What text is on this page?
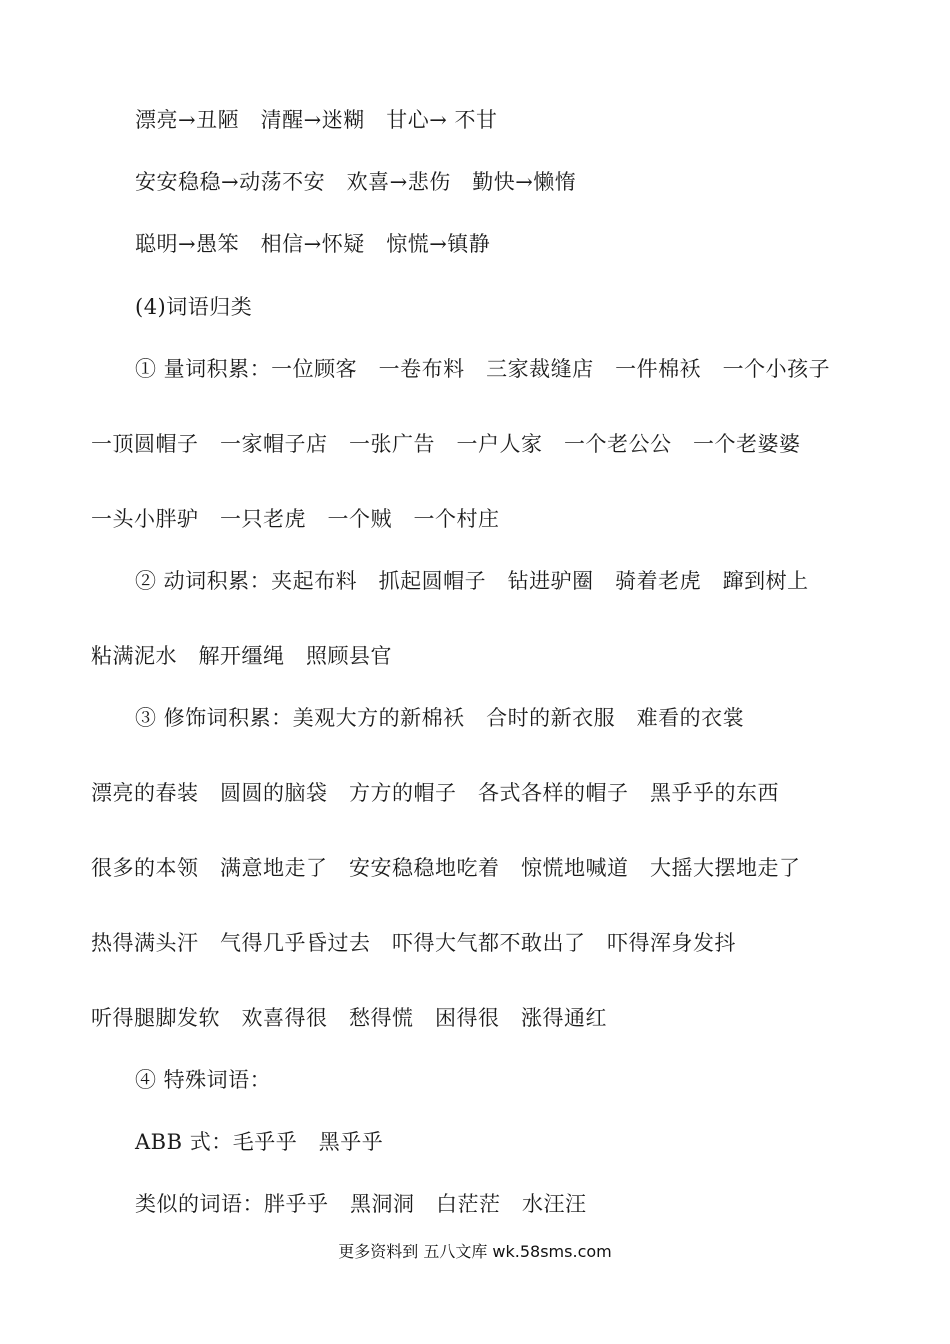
漂亮→丑陋　清醒→迷糊　甘心→ 不甘
安安稳稳→动荡不安　欢喜→悲伤　勤快→懒惰
聪明→愚笨　相信→怀疑　惊慌→镇静
(4)词语归类
① 量词积累：一位顾客　一卷布料　三家裁缝店　一件棉袄　一个小孩子
一顶圆帽子　一家帽子店　一张广告　一户人家　一个老公公　一个老婆婆
一头小胖驴　一只老虎　一个贼　一个村庄
② 动词积累：夹起布料　抓起圆帽子　钻进驴圈　骑着老虎　蹿到树上
粘满泥水　解开缰绳　照顾县官
③ 修饰词积累：美观大方的新棉袄　合时的新衣服　难看的衣裳
漂亮的春装　圆圆的脑袋　方方的帽子　各式各样的帽子　黑乎乎的东西
很多的本领　满意地走了　安安稳稳地吃着　惊慌地喊道　大摇大摆地走了
热得满头汗　气得几乎昏过去　吓得大气都不敢出了　吓得浑身发抖
听得腿脚发软　欢喜得很　愁得慌　困得很　涨得通红
④ 特殊词语：
ABB 式：毛乎乎　黑乎乎
类似的词语：胖乎乎　黑洞洞　白茫茫　水汪汪
更多资料到 五八文库 wk.58sms.com
